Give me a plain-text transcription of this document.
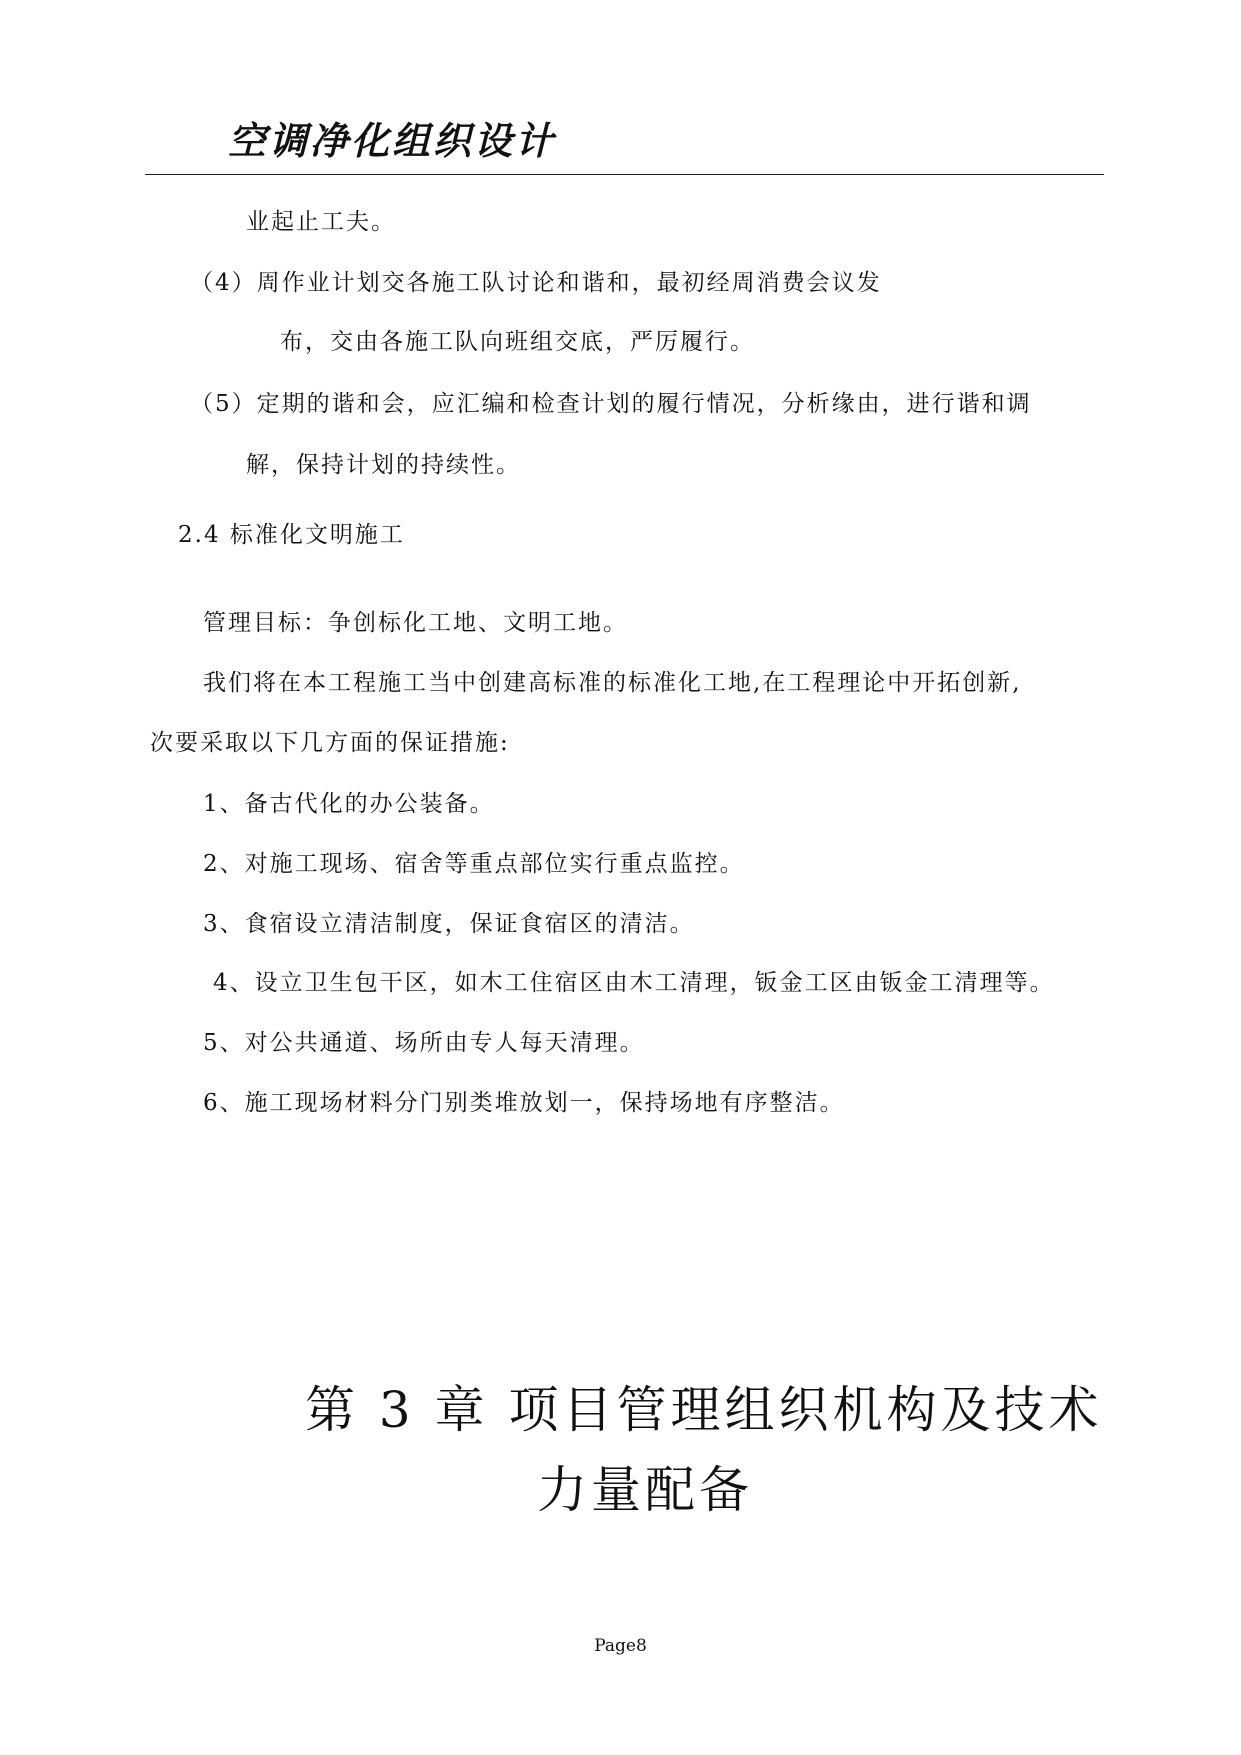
空调净化组织设计
业起止工夫。
（4）周作业计划交各施工队讨论和谐和，最初经周消费会议发
布，交由各施工队向班组交底，严厉履行。
（5）定期的谐和会，应汇编和检查计划的履行情况，分析缘由，进行谐和调
解，保持计划的持续性。
2.4 标准化文明施工
管理目标：争创标化工地、文明工地。
我们将在本工程施工当中创建高标准的标准化工地,在工程理论中开拓创新,
次要采取以下几方面的保证措施:
1、备古代化的办公装备。
2、对施工现场、宿舍等重点部位实行重点监控。
3、食宿设立清洁制度，保证食宿区的清洁。
4、设立卫生包干区，如木工住宿区由木工清理，钣金工区由钣金工清理等。
5、对公共通道、场所由专人每天清理。
6、施工现场材料分门别类堆放划一，保持场地有序整洁。
第 3 章 项目管理组织机构及技术
力量配备
Page8
